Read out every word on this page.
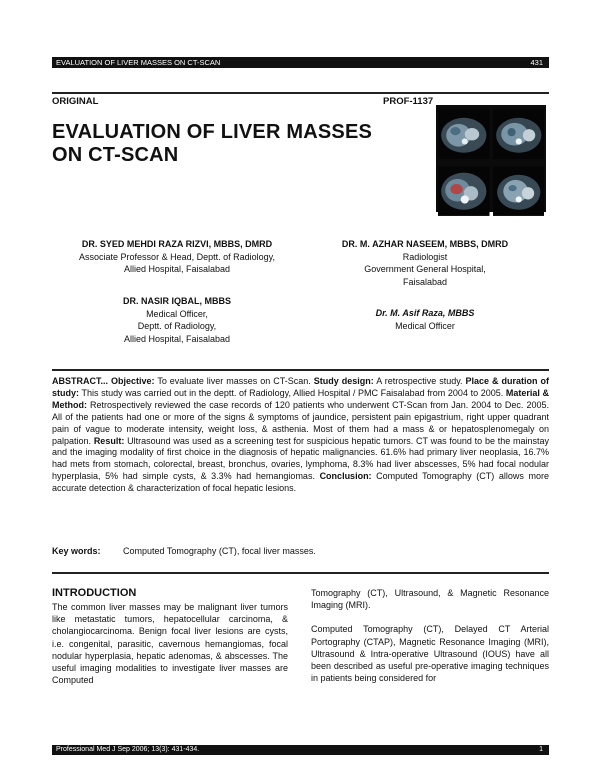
EVALUATION OF LIVER MASSES ON CT-SCAN	431
ORIGINAL	PROF-1137
EVALUATION OF LIVER MASSES
ON CT-SCAN
DR. SYED MEHDI RAZA RIZVI, MBBS, DMRD
Associate Professor & Head, Deptt. of Radiology,
Allied Hospital, Faisalabad
DR. M. AZHAR NASEEM, MBBS, DMRD
Radiologist
Government General Hospital,
Faisalabad
DR. NASIR IQBAL, MBBS
Medical Officer,
Deptt. of Radiology,
Allied Hospital, Faisalabad
Dr. M. Asif Raza, MBBS
Medical Officer
ABSTRACT... Objective: To evaluate liver masses on CT-Scan. Study design: A retrospective study. Place & duration of study: This study was carried out in the deptt. of Radiology, Allied Hospital / PMC Faisalabad from 2004 to 2005. Material & Method: Retrospectively reviewed the case records of 120 patients who underwent CT-Scan from Jan. 2004 to Dec. 2005. All of the patients had one or more of the signs & symptoms of jaundice, persistent pain epigastrium, right upper quadrant pain of vague to moderate intensity, weight loss, & asthenia. Most of them had a mass & or hepatosplenomegaly on palpation. Result: Ultrasound was used as a screening test for suspicious hepatic tumors. CT was found to be the mainstay and the imaging modality of first choice in the diagnosis of hepatic malignancies. 61.6% had primary liver neoplasia, 16.7% had mets from stomach, colorectal, breast, bronchus, ovaries, lymphoma, 8.3% had liver abscesses, 5% had focal nodular hyperplasia, 5% had simple cysts, & 3.3% had hemangiomas. Conclusion: Computed Tomography (CT) allows more accurate detection & characterization of focal hepatic lesions.
Key words: Computed Tomography (CT), focal liver masses.
INTRODUCTION

The common liver masses may be malignant liver tumors like metastatic tumors, hepatocellular carcinoma, & cholangiocarcinoma. Benign focal liver lesions are cysts, i.e. congenital, parasitic, cavernous hemangiomas, focal nodular hyperplasia, hepatic adenomas, & abscesses. The useful imaging modalities to investigate liver masses are Computed

Tomography (CT), Ultrasound, & Magnetic Resonance Imaging (MRI).

Computed Tomography (CT), Delayed CT Arterial Portography (CTAP), Magnetic Resonance Imaging (MRI), Ultrasound & Intra-operative Ultrasound (IOUS) have all been described as useful pre-operative imaging techniques in patients being considered for

Professional Med J Sep 2006; 13(3): 431-434.	1
